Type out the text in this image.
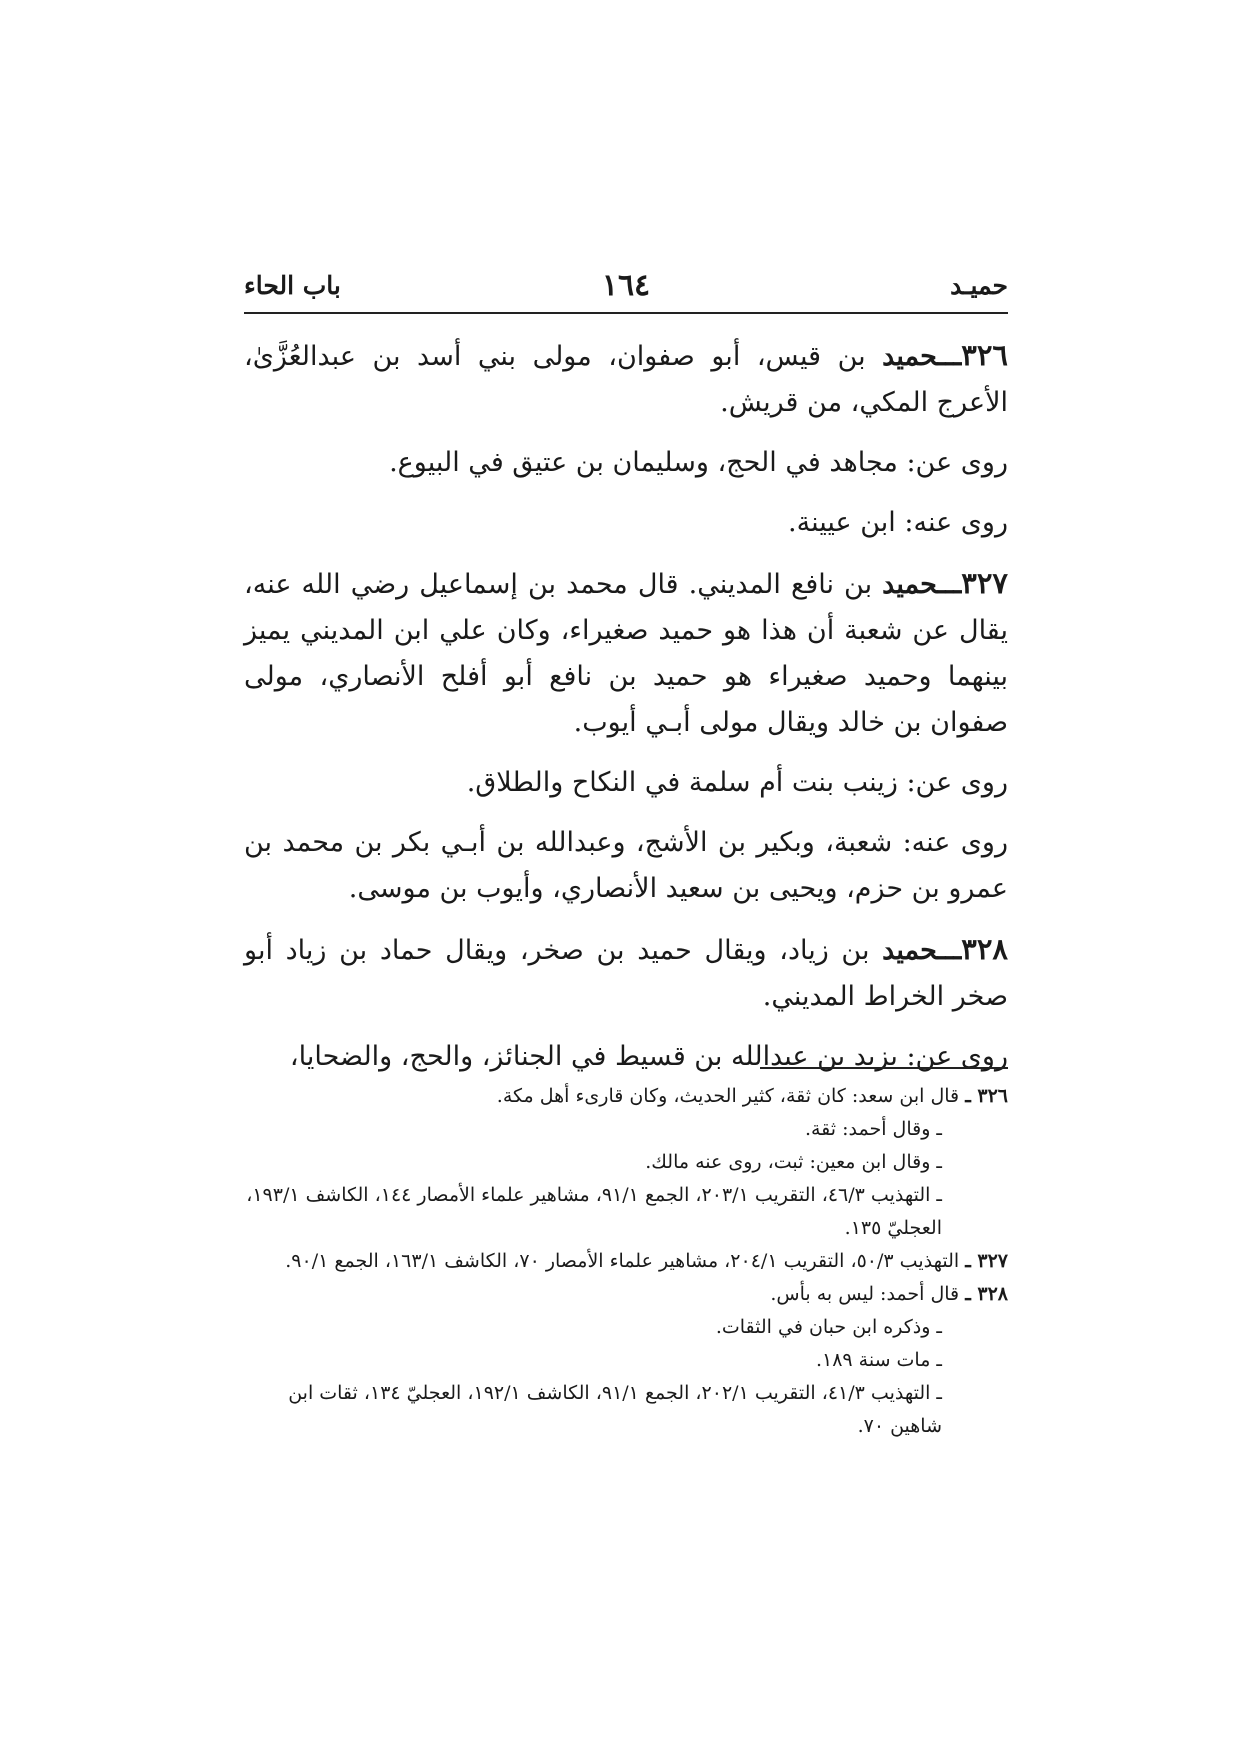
حميـد
١٦٤
باب الحاء

٣٢٦ـــحميد بن قيس، أبو صفوان، مولى بني أسد بن عبدالعُزَّىٰ، الأعرج المكي، من قريش.

روى عن: مجاهد في الحج، وسليمان بن عتيق في البيوع.

روى عنه: ابن عيينة.

٣٢٧ـــحميد بن نافع المديني. قال محمد بن إسماعيل رضي الله عنه، يقال عن شعبة أن هذا هو حميد صغيراء، وكان علي ابن المديني يميز بينهما وحميد صغيراء هو حميد بن نافع أبو أفلح الأنصاري، مولى صفوان بن خالد ويقال مولى أبـي أيوب.

روى عن: زينب بنت أم سلمة في النكاح والطلاق.

روى عنه: شعبة، وبكير بن الأشج، وعبدالله بن أبـي بكر بن محمد بن عمرو بن حزم، ويحيى بن سعيد الأنصاري، وأيوب بن موسى.

٣٢٨ـــحميد بن زياد، ويقال حميد بن صخر، ويقال حماد بن زياد أبو صخر الخراط المديني.

روى عن: يزيد بن عبدالله بن قسيط في الجنائز، والحج، والضحايا،

٣٢٦ ـ قال ابن سعد: كان ثقة، كثير الحديث، وكان قارىء أهل مكة.

ـ وقال أحمد: ثقة.

ـ وقال ابن معين: ثبت، روى عنه مالك.

ـ التهذيب ٤٦/٣، التقريب ٢٠٣/١، الجمع ٩١/١، مشاهير علماء الأمصار ١٤٤، الكاشف ١٩٣/١، العجليّ ١٣٥.

٣٢٧ ـ التهذيب ٥٠/٣، التقريب ٢٠٤/١، مشاهير علماء الأمصار ٧٠، الكاشف ١٦٣/١، الجمع ٩٠/١.

٣٢٨ ـ قال أحمد: ليس به بأس.

ـ وذكره ابن حبان في الثقات.

ـ مات سنة ١٨٩.

ـ التهذيب ٤١/٣، التقريب ٢٠٢/١، الجمع ٩١/١، الكاشف ١٩٢/١، العجليّ ١٣٤، ثقات ابن شاهين ٧٠.
